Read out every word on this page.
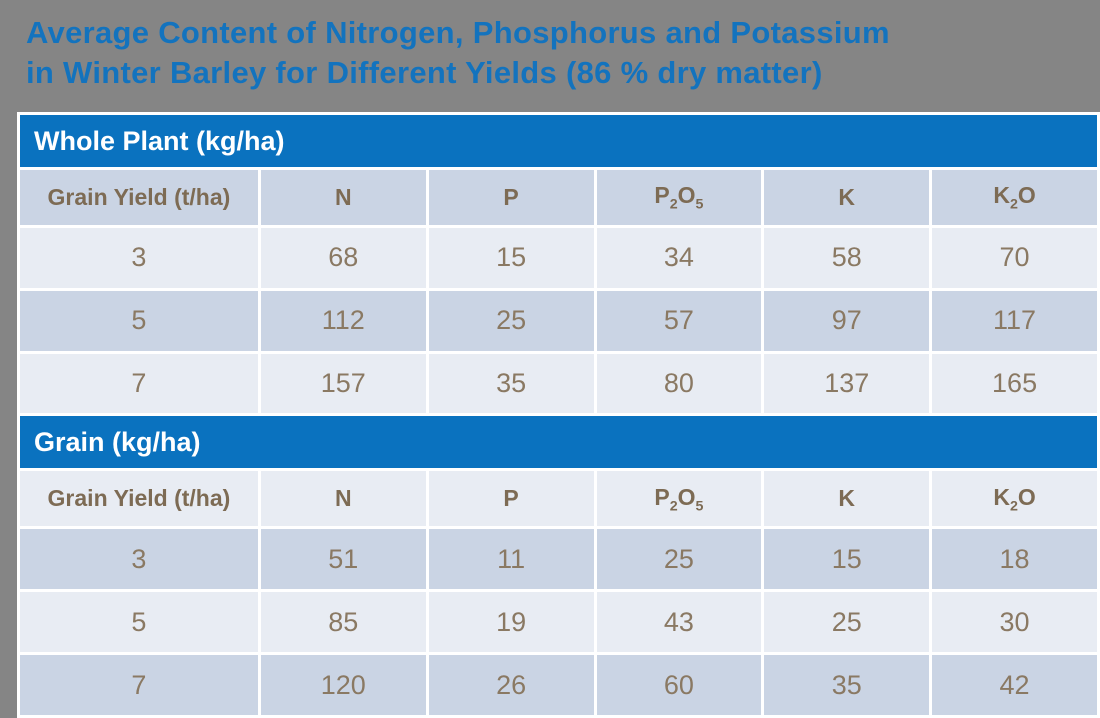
Average Content of Nitrogen, Phosphorus and Potassium
in Winter Barley for Different Yields (86 % dry matter)
Whole Plant (kg/ha)					
Grain Yield (t/ha)	N	P	$P_2O_5$	K	$K_2O$
3	68	15	34	58	70
5	112	25	57	97	117
7	157	35	80	137	165
Grain (kg/ha)					
Grain Yield (t/ha)	N	P	$P_2O_5$	K	$K_2O$
3	51	11	25	15	18
5	85	19	43	25	30
7	120	26	60	35	42
